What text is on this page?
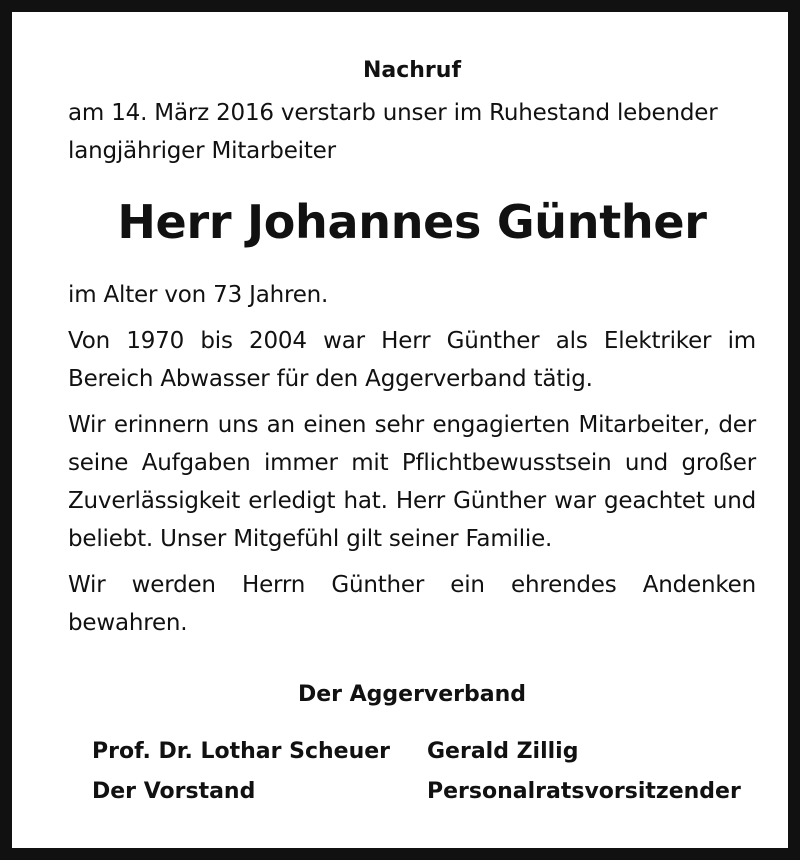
Nachruf

am 14. März 2016 verstarb unser im Ruhestand lebender langjähriger Mitarbeiter

Herr Johannes Günther

im Alter von 73 Jahren.

Von 1970 bis 2004 war Herr Günther als Elektriker im Bereich Abwasser für den Aggerverband tätig.

Wir erinnern uns an einen sehr engagierten Mitarbeiter, der seine Aufgaben immer mit Pflichtbewusstsein und großer Zuverlässigkeit erledigt hat. Herr Günther war geachtet und beliebt. Unser Mitgefühl gilt seiner Familie.

Wir werden Herrn Günther ein ehrendes Andenken bewahren.

Der Aggerverband
Prof. Dr. Lothar Scheuer
Der Vorstand
Gerald Zillig
Personalratsvorsitzender
